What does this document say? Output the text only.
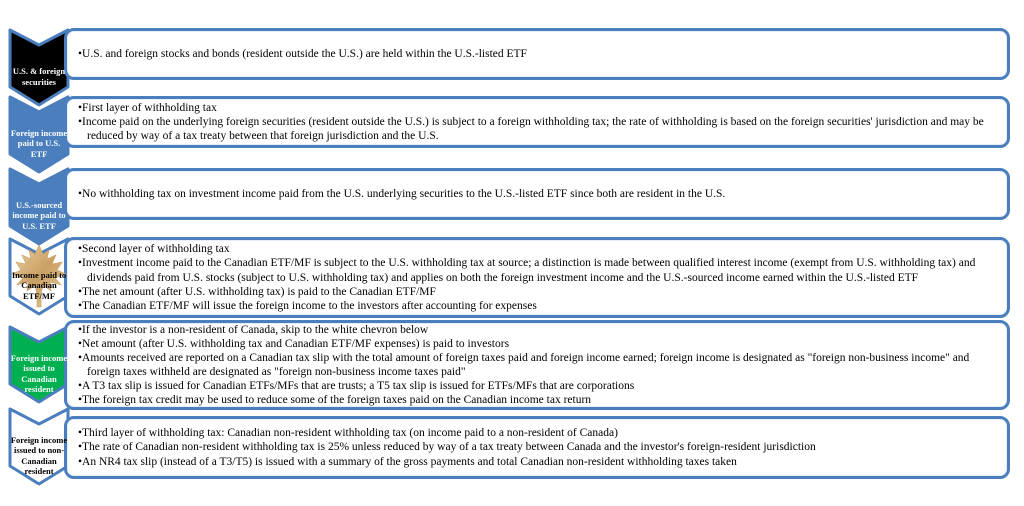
U.S. & foreign securities
• U.S. and foreign stocks and bonds (resident outside the U.S.) are held within the U.S.-listed ETF
Foreign income paid to U.S. ETF
• First layer of withholding tax
• Income paid on the underlying foreign securities (resident outside the U.S.) is subject to a foreign withholding tax; the rate of withholding is based on the foreign securities' jurisdiction and may be reduced by way of a tax treaty between that foreign jurisdiction and the U.S.
U.S.-sourced income paid to U.S. ETF
• No withholding tax on investment income paid from the U.S. underlying securities to the U.S.-listed ETF since both are resident in the U.S.
Income paid to Canadian ETF/MF
• Second layer of withholding tax
• Investment income paid to the Canadian ETF/MF is subject to the U.S. withholding tax at source; a distinction is made between qualified interest income (exempt from U.S. withholding tax) and dividends paid from U.S. stocks (subject to U.S. withholding tax) and applies on both the foreign investment income and the U.S.-sourced income earned within the U.S.-listed ETF
• The net amount (after U.S. withholding tax) is paid to the Canadian ETF/MF
• The Canadian ETF/MF will issue the foreign income to the investors after accounting for expenses
Foreign income issued to Canadian resident
• If the investor is a non-resident of Canada, skip to the white chevron below
• Net amount (after U.S. withholding tax and Canadian ETF/MF expenses) is paid to investors
• Amounts received are reported on a Canadian tax slip with the total amount of foreign taxes paid and foreign income earned; foreign income is designated as "foreign non-business income" and foreign taxes withheld are designated as "foreign non-business income taxes paid"
• A T3 tax slip is issued for Canadian ETFs/MFs that are trusts; a T5 tax slip is issued for ETFs/MFs that are corporations
• The foreign tax credit may be used to reduce some of the foreign taxes paid on the Canadian income tax return
Foreign income issued to non-Canadian resident
• Third layer of withholding tax: Canadian non-resident withholding tax (on income paid to a non-resident of Canada)
• The rate of Canadian non-resident withholding tax is 25% unless reduced by way of a tax treaty between Canada and the investor's foreign-resident jurisdiction
• An NR4 tax slip (instead of a T3/T5) is issued with a summary of the gross payments and total Canadian non-resident withholding taxes taken
